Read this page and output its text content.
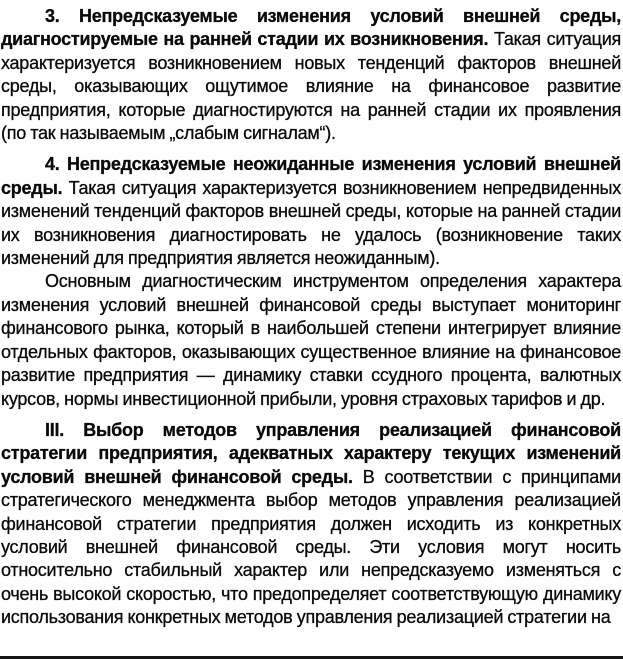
3. Непредсказуемые изменения условий внешней среды, диагностируемые на ранней стадии их возникновения. Такая ситуация характеризуется возникновением новых тенденций факторов внешней среды, оказывающих ощутимое влияние на финансовое развитие предприятия, которые диагностируются на ранней стадии их проявления (по так называемым „слабым сигналам“).

4. Непредсказуемые неожиданные изменения условий внешней среды. Такая ситуация характеризуется возникновением непредвиденных изменений тенденций факторов внешней среды, которые на ранней стадии их возникновения диагностировать не удалось (возникновение таких изменений для предприятия является неожиданным).

Основным диагностическим инструментом определения характера изменения условий внешней финансовой среды выступает мониторинг финансового рынка, который в наибольшей степени интегрирует влияние отдельных факторов, оказывающих существенное влияние на финансовое развитие предприятия — динамику ставки ссудного процента, валютных курсов, нормы инвестиционной прибыли, уровня страховых тарифов и др.

III. Выбор методов управления реализацией финансовой стратегии предприятия, адекватных характеру текущих изменений условий внешней финансовой среды. В соответствии с принципами стратегического менеджмента выбор методов управления реализацией финансовой стратегии предприятия должен исходить из конкретных условий внешней финансовой среды. Эти условия могут носить относительно стабильный характер или непредсказуемо изменяться с очень высокой скоростью, что предопределяет соответствующую динамику использования конкретных методов управления реализацией стратегии на
